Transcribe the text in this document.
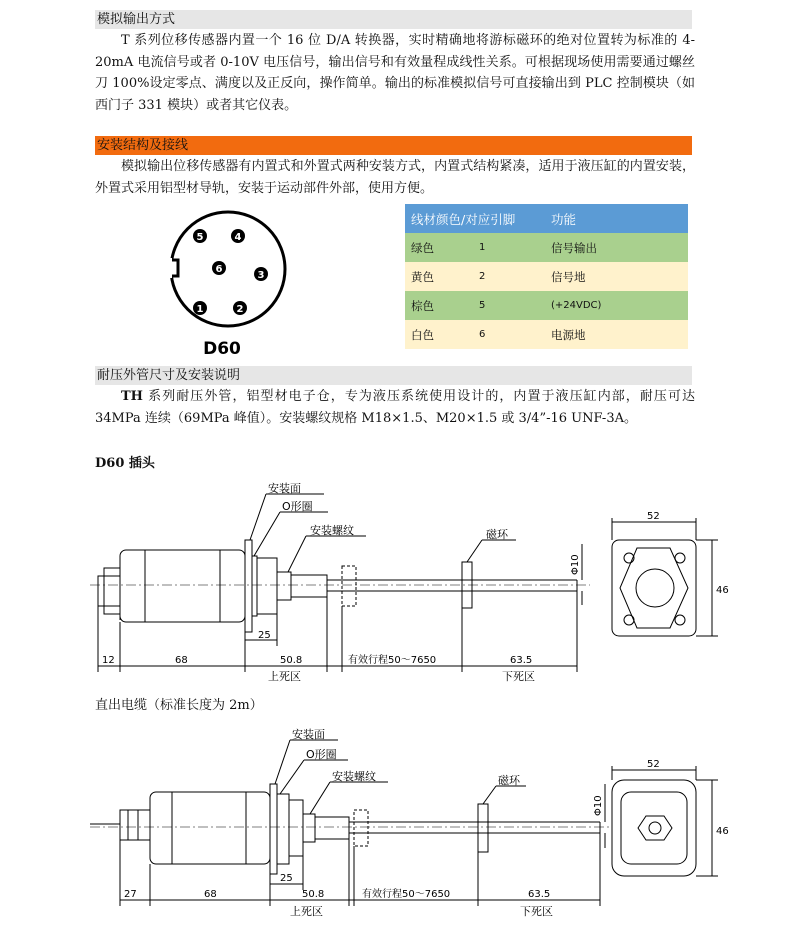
模拟输出方式

T 系列位移传感器内置一个 16 位 D/A 转换器，实时精确地将游标磁环的绝对位置转为标准的 4-20mA 电流信号或者 0-10V 电压信号，输出信号和有效量程成线性关系。可根据现场使用需要通过螺丝刀 100%设定零点、满度以及正反向，操作简单。输出的标准模拟信号可直接输出到 PLC 控制模块（如西门子 331 模块）或者其它仪表。

安装结构及接线

模拟输出位移传感器有内置式和外置式两种安装方式，内置式结构紧凑，适用于液压缸的内置安装，外置式采用铝型材导轨，安装于运动部件外部，使用方便。

5	4
6
3
1	2
D60
线材颜色/对应引脚		功能
绿色	1	信号输出
黄色	2	信号地
棕色	5	(+24VDC)
白色	6	电源地
耐压外管尺寸及安装说明

TH 系列耐压外管，铝型材电子仓，专为液压系统使用设计的，内置于液压缸内部，耐压可达 34MPa 连续（69MPa 峰值）。安装螺纹规格 M18×1.5、M20×1.5 或 3/4”-16 UNF-3A。

D60 插头
安装面
O形圈
安装螺纹	磁环
12	68	50.8	有效行程50～7650	63.5
25
52
46
Φ10
上死区	下死区
直出电缆（标准长度为 2m）
安装面
O形圈
安装螺纹	磁环
27	68	50.8	有效行程50～7650	63.5
25
52
46
Φ10
上死区	下死区
